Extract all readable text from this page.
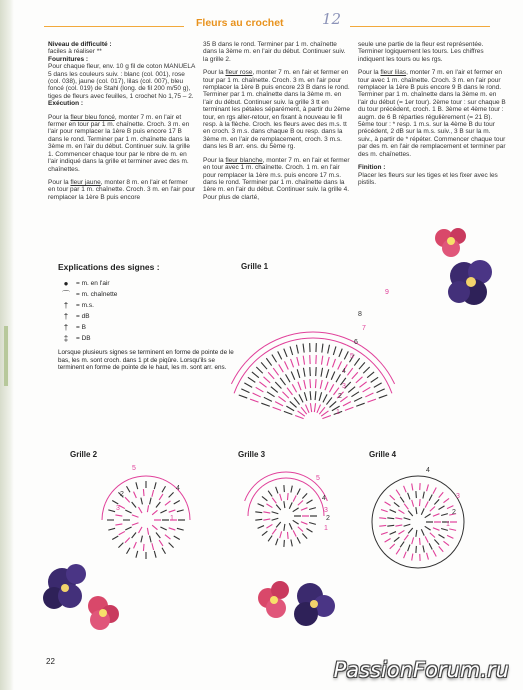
Fleurs au crochet	12

Niveau de difficulté :
faciles à réaliser **
Fournitures :
Pour chaque fleur, env. 10 g fil de coton MANUELA 5 dans les couleurs suiv. : blanc (col. 001), rose (col. 038), jaune (col. 017), lilas (col. 007), bleu foncé (col. 019) de Stahl (long. de fil 200 m/50 g), tiges de fleurs avec feuilles, 1 crochet No 1,75 – 2.
Exécution :

Pour la fleur bleu foncé, monter 7 m. en l'air et fermer en tour par 1 m. chaînette. Croch. 3 m. en l'air pour remplacer la 1ère B puis encore 17 B dans le rond. Terminer par 1 m. chaînette dans la 3ème m. en l'air du début. Continuer suiv. la grille 1. Commencer chaque tour par le nbre de m. en l'air indiqué dans la grille et terminer avec des m. chaînettes.

Pour la fleur jaune, monter 8 m. en l'air et fermer en tour par 1 m. chaînette. Croch. 3 m. en l'air pour remplacer la 1ère B puis encore

35 B dans le rond. Terminer par 1 m. chaînette dans la 3ème m. en l'air du début. Continuer suiv. la grille 2.

Pour la fleur rose, monter 7 m. en l'air et fermer en tour par 1 m. chaînette. Croch. 3 m. en l'air pour remplacer la 1ère B puis encore 23 B dans le rond. Terminer par 1 m. chaînette dans la 3ème m. en l'air du début. Continuer suiv. la grille 3 tt en terminant les pétales séparément, à partir du 2ème tour, en rgs aller-retour, en fixant à nouveau le fil resp. à la flèche. Croch. les fleurs avec des m.s. tt en croch. 3 m.s. dans chaque B ou resp. dans la 3ème m. en l'air de remplacement, croch. 3 m.s. dans les B arr. ens. du 5ème rg.

Pour la fleur blanche, monter 7 m. en l'air et fermer en tour avec 1 m. chaînette. Croch. 1 m. en l'air pour remplacer la 1ère m.s. puis encore 17 m.s. dans le rond. Terminer par 1 m. chaînette dans la 1ère m. en l'air du début. Continuer suiv. la grille 4. Pour plus de clarté,

seule une partie de la fleur est représentée. Terminer logiquement les tours. Les chiffres indiquent les tours ou les rgs.

Pour la fleur lilas, monter 7 m. en l'air et fermer en tour avec 1 m. chaînette. Croch. 3 m. en l'air pour remplacer la 1ère B puis encore 9 B dans le rond. Terminer par 1 m. chaînette dans la 3ème m. en l'air du début (= 1er tour). 2ème tour : sur chaque B du tour précédent, croch. 1 B. 3ème et 4ème tour : augm. de 6 B réparties régulièrement (= 21 B). 5ème tour : * resp. 1 m.s. sur la 4ème B du tour précédent, 2 dB sur la m.s. suiv., 3 B sur la m. suiv., à partir de * répéter. Commencer chaque tour par des m. en l'air de remplacement et terminer par des m. chaînettes.

Finition :
Placer les fleurs sur les tiges et les fixer avec les pistils.

Explications des signes :
●	= m. en l'air
⌒ = m. chaînette
†	= m.s.
†	= dB
†	= B
‡	= DB
Lorsque plusieurs signes se terminent en forme de pointe de le bas, les m. sont croch. dans 1 pt de piqûre. Lorsqu'ils se terminent en forme de pointe de le haut, les m. sont arr. ens.
Grille 1
Grille 2	Grille 3	Grille 4
9
8
7
6
5
4
3
2
1
5
4
3
2
1
5
4
3
2
1
4
3
2
1
22	PassionForum.ru
